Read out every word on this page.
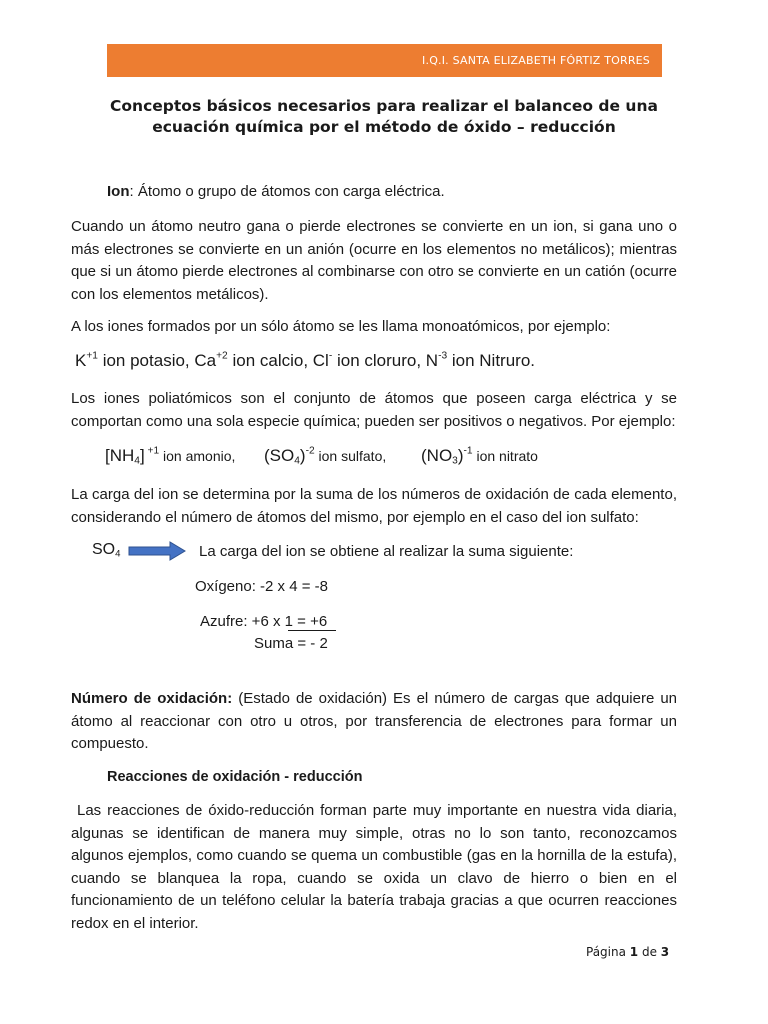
I.Q.I. SANTA ELIZABETH FÓRTIZ TORRES
Conceptos básicos necesarios para realizar el balanceo de una
ecuación química por el método de óxido – reducción
Ion: Átomo o grupo de átomos con carga eléctrica.
Cuando un átomo neutro gana o pierde electrones se convierte en un ion, si gana uno o más electrones se convierte en un anión (ocurre en los elementos no metálicos); mientras que si un átomo pierde electrones al combinarse con otro se convierte en un catión (ocurre con los elementos metálicos).
A los iones formados por un sólo átomo se les llama monoatómicos, por ejemplo:
$K^{+1}$ ion potasio, $Ca^{+2}$ ion calcio, Cl- ion cloruro, $N^{-3}$ ion Nitruro.
Los iones poliatómicos son el conjunto de átomos que poseen carga eléctrica y se comportan como una sola especie química; pueden ser positivos o negativos. Por ejemplo:
$[NH_4]$ $^{+1}$ ion amonio, $(SO_4)^{-2}$ ion sulfato, $(NO_3)^{-1}$ ion nitrato
La carga del ion se determina por la suma de los números de oxidación de cada elemento, considerando el número de átomos del mismo, por ejemplo en el caso del ion sulfato:
$SO_4$	La carga del ion se obtiene al realizar la suma siguiente:
Oxígeno: -2 x 4 = -8
Azufre: +6 x 1 = +6
Suma = - 2
Número de oxidación: (Estado de oxidación) Es el número de cargas que adquiere un átomo al reaccionar con otro u otros, por transferencia de electrones para formar un compuesto.
Reacciones de oxidación - reducción
Las reacciones de óxido-reducción forman parte muy importante en nuestra vida diaria, algunas se identifican de manera muy simple, otras no lo son tanto, reconozcamos algunos ejemplos, como cuando se quema un combustible (gas en la hornilla de la estufa), cuando se blanquea la ropa, cuando se oxida un clavo de hierro o bien en el funcionamiento de un teléfono celular la batería trabaja gracias a que ocurren reacciones redox en el interior.
Página 1 de 3
